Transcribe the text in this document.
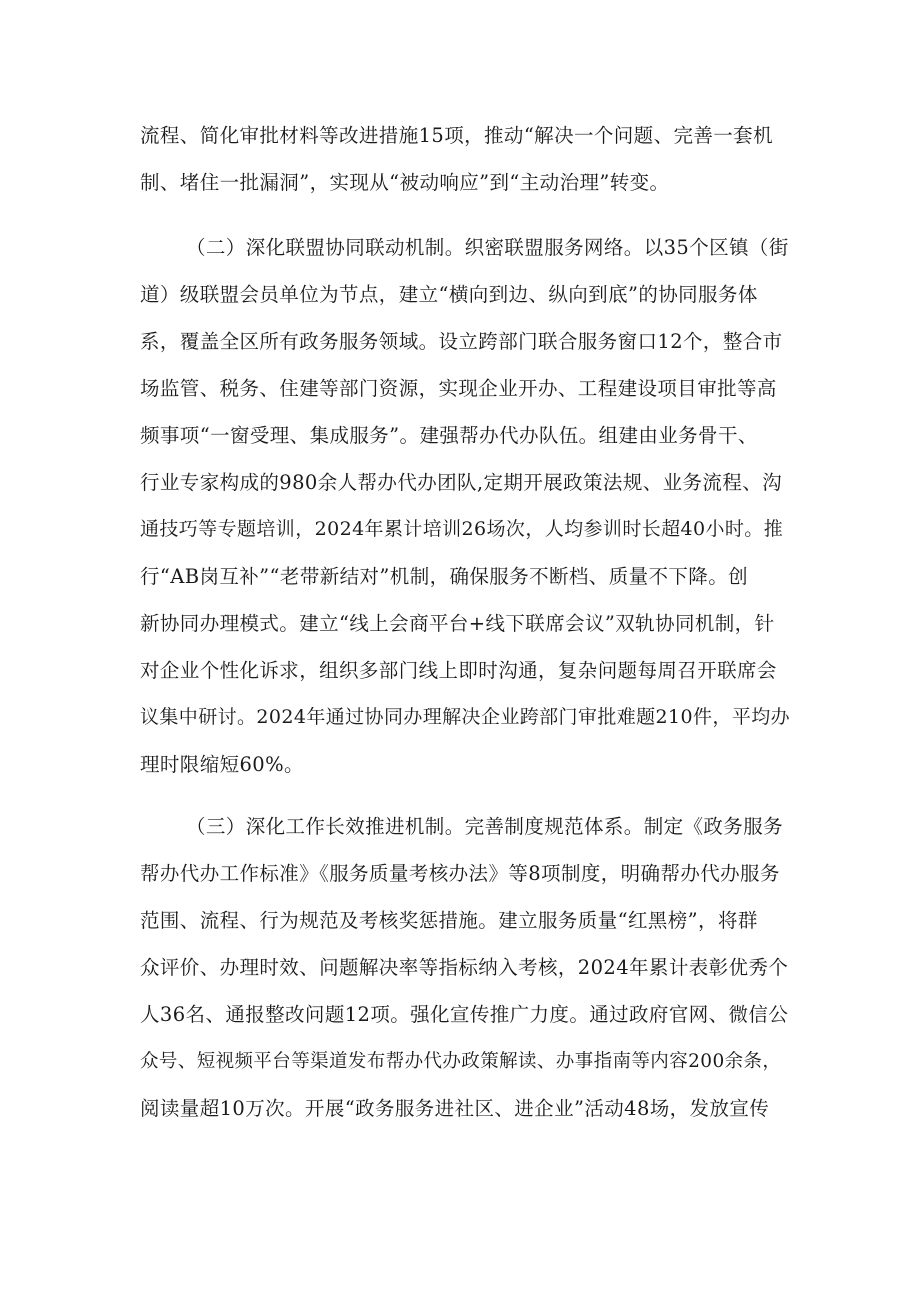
流程、简化审批材料等改进措施15项，推动“解决一个问题、完善一套机
制、堵住一批漏洞”，实现从“被动响应”到“主动治理”转变。
（二）深化联盟协同联动机制。织密联盟服务网络。以35个区镇（街
道）级联盟会员单位为节点，建立“横向到边、纵向到底”的协同服务体
系，覆盖全区所有政务服务领域。设立跨部门联合服务窗口12个，整合市
场监管、税务、住建等部门资源，实现企业开办、工程建设项目审批等高
频事项“一窗受理、集成服务”。建强帮办代办队伍。组建由业务骨干、
行业专家构成的980余人帮办代办团队,定期开展政策法规、业务流程、沟
通技巧等专题培训，2024年累计培训26场次，人均参训时长超40小时。推
行“AB岗互补”“老带新结对”机制，确保服务不断档、质量不下降。创
新协同办理模式。建立“线上会商平台+线下联席会议”双轨协同机制，针
对企业个性化诉求，组织多部门线上即时沟通，复杂问题每周召开联席会
议集中研讨。2024年通过协同办理解决企业跨部门审批难题210件，平均办
理时限缩短60%。
（三）深化工作长效推进机制。完善制度规范体系。制定《政务服务
帮办代办工作标准》《服务质量考核办法》等8项制度，明确帮办代办服务
范围、流程、行为规范及考核奖惩措施。建立服务质量“红黑榜”，将群
众评价、办理时效、问题解决率等指标纳入考核，2024年累计表彰优秀个
人36名、通报整改问题12项。强化宣传推广力度。通过政府官网、微信公
众号、短视频平台等渠道发布帮办代办政策解读、办事指南等内容200余条，
阅读量超10万次。开展“政务服务进社区、进企业”活动48场，发放宣传
